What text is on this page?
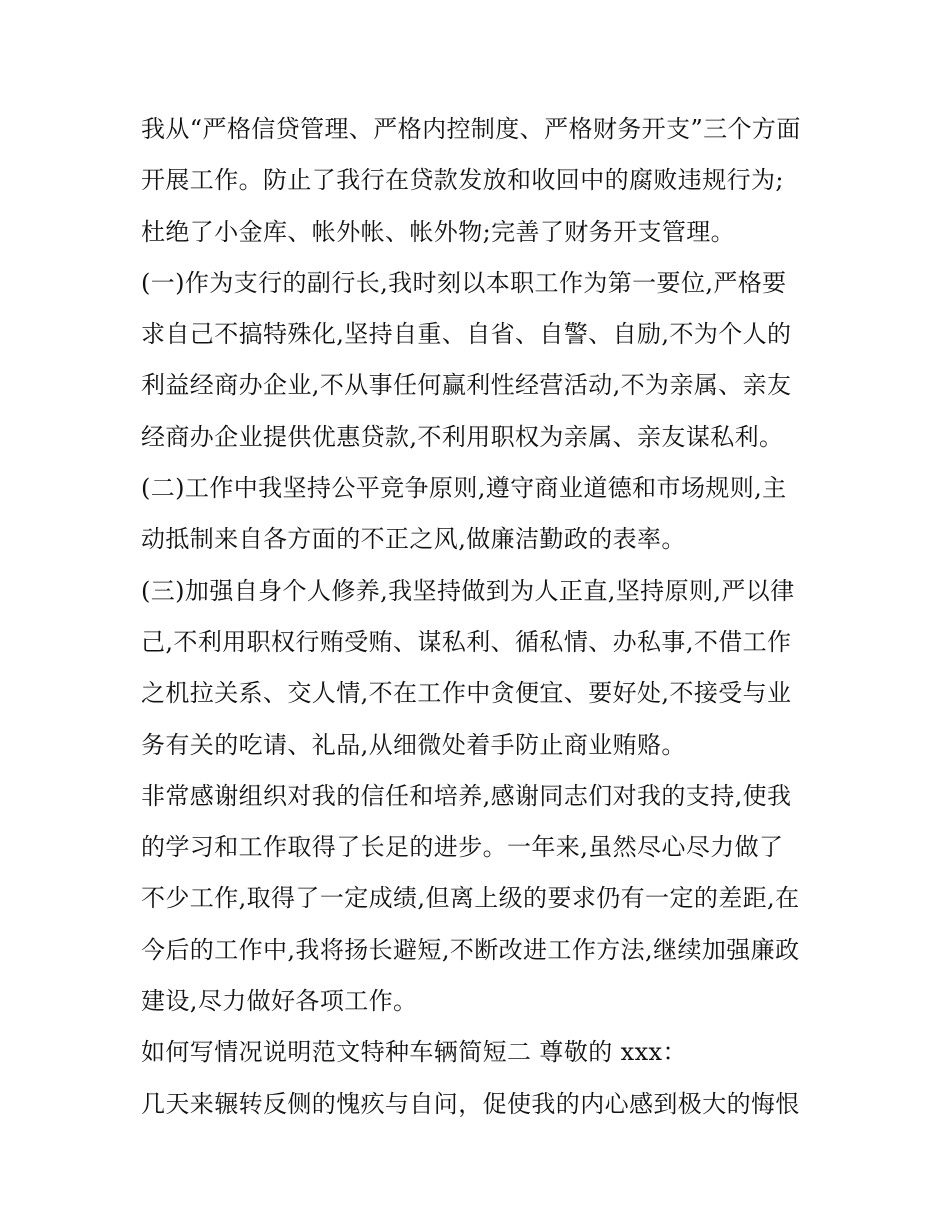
我从“严格信贷管理、严格内控制度、严格财务开支”三个方面
开展工作。防止了我行在贷款发放和收回中的腐败违规行为;
杜绝了小金库、帐外帐、帐外物;完善了财务开支管理。
(一)作为支行的副行长,我时刻以本职工作为第一要位,严格要
求自己不搞特殊化,坚持自重、自省、自警、自励,不为个人的
利益经商办企业,不从事任何赢利性经营活动,不为亲属、亲友
经商办企业提供优惠贷款,不利用职权为亲属、亲友谋私利。
(二)工作中我坚持公平竞争原则,遵守商业道德和市场规则,主
动抵制来自各方面的不正之风,做廉洁勤政的表率。
(三)加强自身个人修养,我坚持做到为人正直,坚持原则,严以律
己,不利用职权行贿受贿、谋私利、循私情、办私事,不借工作
之机拉关系、交人情,不在工作中贪便宜、要好处,不接受与业
务有关的吃请、礼品,从细微处着手防止商业贿赂。
非常感谢组织对我的信任和培养,感谢同志们对我的支持,使我
的学习和工作取得了长足的进步。一年来,虽然尽心尽力做了
不少工作,取得了一定成绩,但离上级的要求仍有一定的差距,在
今后的工作中,我将扬长避短,不断改进工作方法,继续加强廉政
建设,尽力做好各项工作。
如何写情况说明范文特种车辆简短二 尊敬的 xxx：
几天来辗转反侧的愧疚与自问，促使我的内心感到极大的悔恨
